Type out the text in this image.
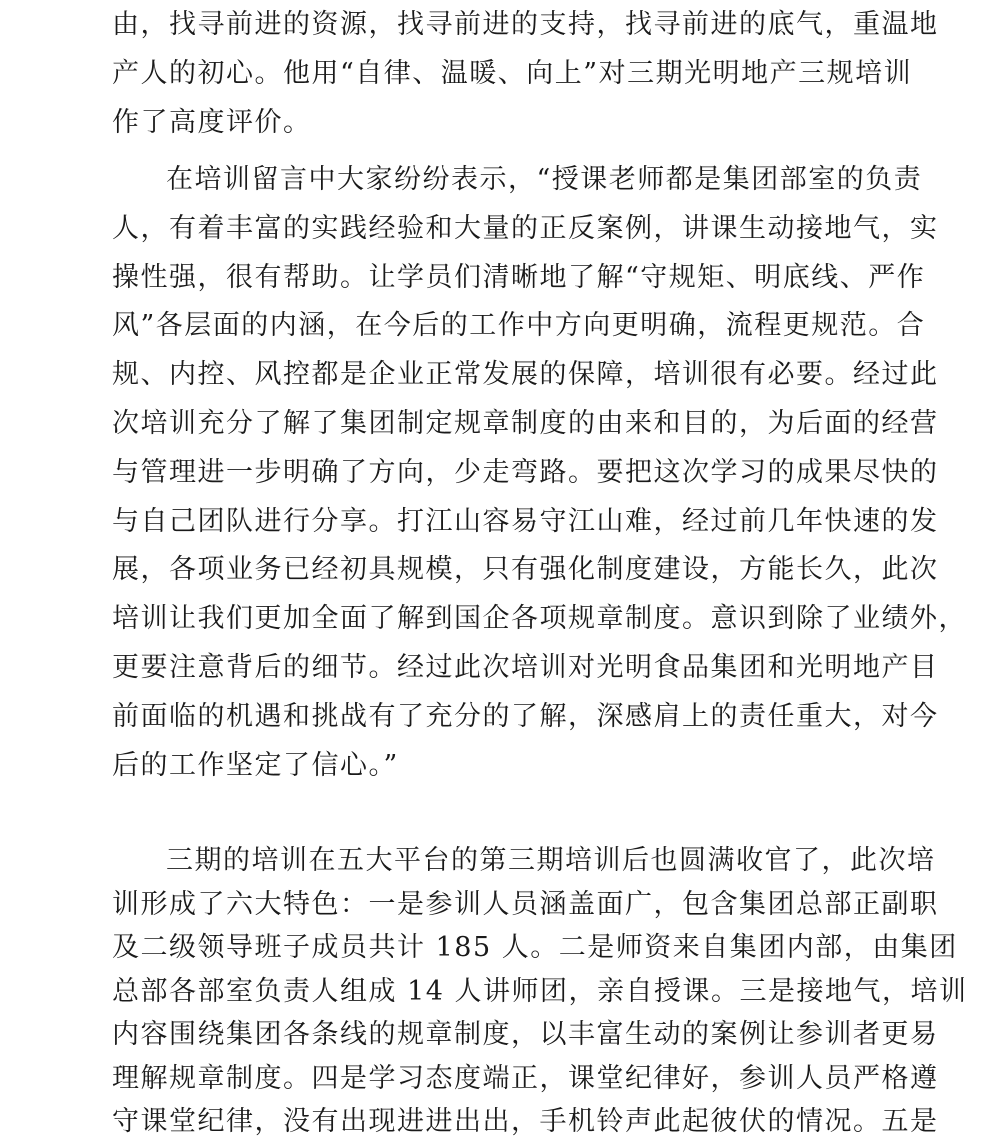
由，找寻前进的资源，找寻前进的支持，找寻前进的底气，重温地
产人的初心。他用“自律、温暖、向上”对三期光明地产三规培训
作了高度评价。
在培训留言中大家纷纷表示，“授课老师都是集团部室的负责
人，有着丰富的实践经验和大量的正反案例，讲课生动接地气，实
操性强，很有帮助。让学员们清晰地了解“守规矩、明底线、严作
风”各层面的内涵，在今后的工作中方向更明确，流程更规范。合
规、内控、风控都是企业正常发展的保障，培训很有必要。经过此
次培训充分了解了集团制定规章制度的由来和目的，为后面的经营
与管理进一步明确了方向，少走弯路。要把这次学习的成果尽快的
与自己团队进行分享。打江山容易守江山难，经过前几年快速的发
展，各项业务已经初具规模，只有强化制度建设，方能长久，此次
培训让我们更加全面了解到国企各项规章制度。意识到除了业绩外，
更要注意背后的细节。经过此次培训对光明食品集团和光明地产目
前面临的机遇和挑战有了充分的了解，深感肩上的责任重大，对今
后的工作坚定了信心。”
三期的培训在五大平台的第三期培训后也圆满收官了，此次培
训形成了六大特色：一是参训人员涵盖面广，包含集团总部正副职
及二级领导班子成员共计 185 人。二是师资来自集团内部，由集团
总部各部室负责人组成 14 人讲师团，亲自授课。三是接地气，培训
内容围绕集团各条线的规章制度，以丰富生动的案例让参训者更易
理解规章制度。四是学习态度端正，课堂纪律好，参训人员严格遵
守课堂纪律，没有出现进进出出，手机铃声此起彼伏的情况。五是
